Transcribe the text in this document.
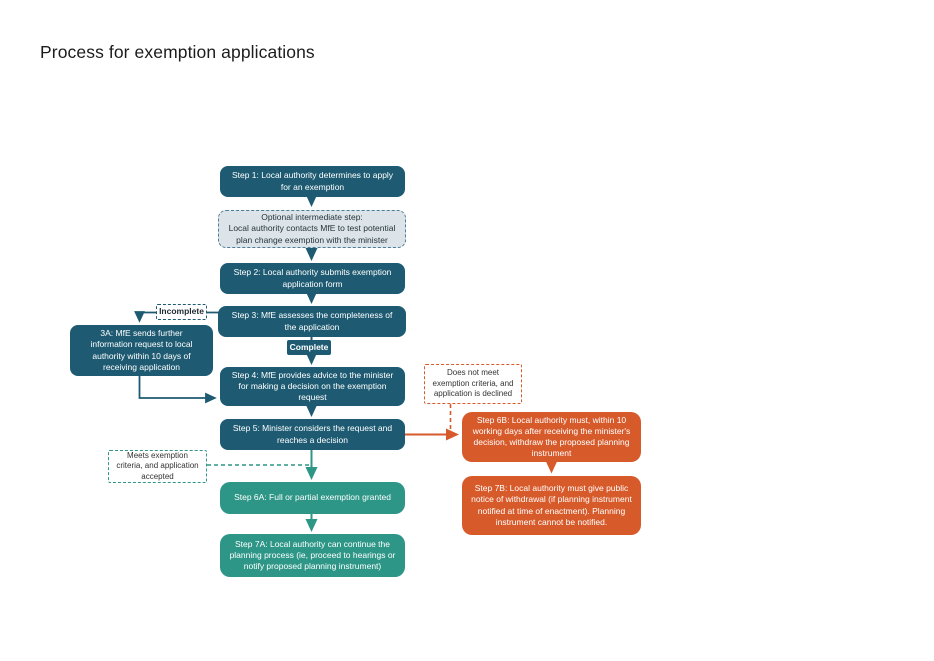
Process for exemption applications
Step 1: Local authority determines to apply for an exemption
Optional intermediate step:
Local authority contacts MfE to test potential plan change exemption with the minister
Step 2: Local authority submits exemption application form
Step 3: MfE assesses the completeness of the application
Incomplete
Complete
3A: MfE sends further information request to local authority within 10 days of receiving application
Step 4: MfE provides advice to the minister for making a decision on the exemption request
Step 5: Minister considers the request and reaches a decision
Does not meet exemption criteria, and application is declined
Step 6B: Local authority must, within 10 working days after receiving the minister's decision, withdraw the proposed planning instrument
Step 7B: Local authority must give public notice of withdrawal (if planning instrument notified at time of enactment). Planning instrument cannot be notified.
Meets exemption criteria, and application accepted
Step 6A: Full or partial exemption granted
Step 7A: Local authority can continue the planning process (ie, proceed to hearings or notify proposed planning instrument)
